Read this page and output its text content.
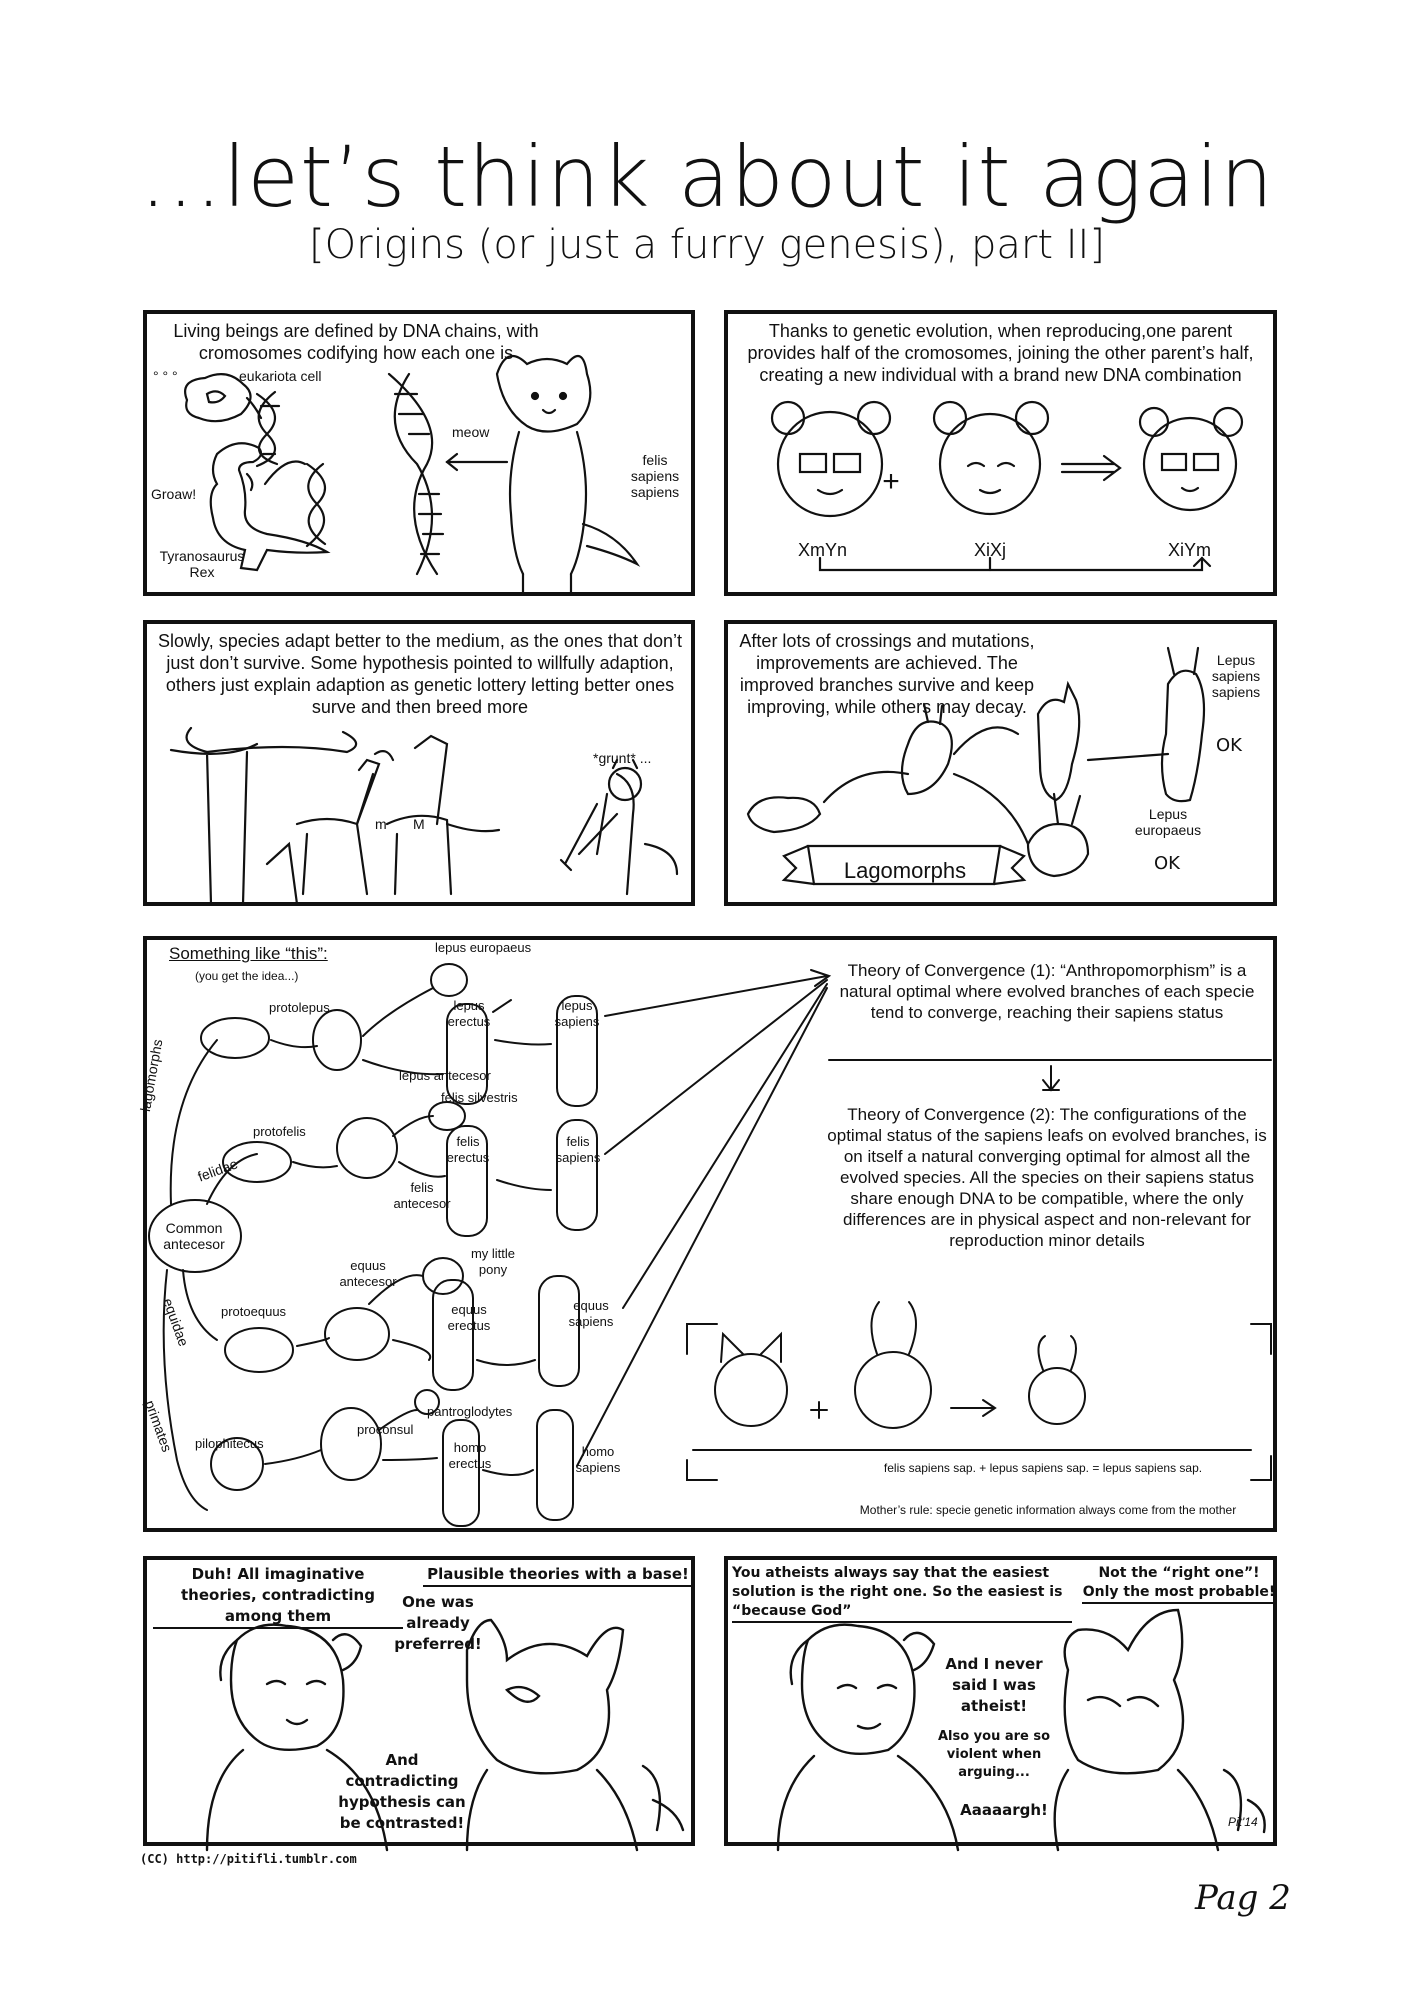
...let’s think about it again
[Origins (or just a furry genesis), part II]
Living beings are defined by DNA chains, with cromosomes codifying how each one is
° ° °	eukariota cell
meow
felis sapiens sapiens
Groaw!
Tyranosaurus Rex
Thanks to genetic evolution, when reproducing,one parent provides half of the cromosomes, joining the other parent’s half, creating a new individual with a brand new DNA combination
+
XmYn	XiXj	XiYm
Slowly, species adapt better to the medium, as the ones that don’t just don’t survive. Some hypothesis pointed to willfully adaption, others just explain adaption as genetic lottery letting better ones surve and then breed more
m M
*grunt* ...
After lots of crossings and mutations, improvements are achieved. The improved branches survive and keep improving, while others may decay.
Lepus sapiens sapiens
Lepus europaeus
OK
OK
Lagomorphs
Something like “this”:
(you get the idea...)
Common antecesor
lagomorphs
felidae
equidae
primates
lepus europaeus
protolepus	lepus erectus
lepus sapiens
lepus antecesor
felis silvestris
protofelis
felis erectus
felis sapiens
felis antecesor
my little pony
equus antecesor
protoequus	equus erectus
equus sapiens
pantroglodytes
proconsul
pilophitecus	homo erectus
homo sapiens
Theory of Convergence (1): “Anthropomorphism” is a natural optimal where evolved branches of each specie tend to converge, reaching their sapiens status
Theory of Convergence (2): The configurations of the optimal status of the sapiens leafs on evolved branches, is on itself a natural converging optimal for almost all the evolved species. All the species on their sapiens status share enough DNA to be compatible, where the only differences are in physical aspect and non-relevant for reproduction minor details
felis sapiens sap. + lepus sapiens sap. = lepus sapiens sap.
Mother’s rule: specie genetic information always come from the mother
Duh! All imaginative theories, contradicting among them
Plausible theories with a base!
One was already preferred!
And contradicting hypothesis can be contrasted!
You atheists always say that the easiest solution is the right one. So the easiest is “because God”
Not the “right one”! Only the most probable!
And I never said I was atheist!
Also you are so violent when arguing...
Aaaaargh!
Pit'14
(CC) http://pitifli.tumblr.com
Pag 2
